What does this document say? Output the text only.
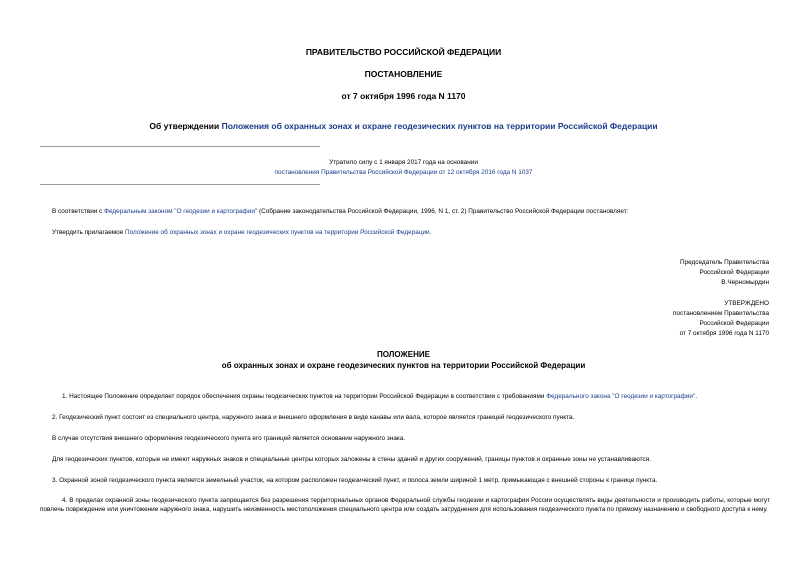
ПРАВИТЕЛЬСТВО РОССИЙСКОЙ ФЕДЕРАЦИИ
ПОСТАНОВЛЕНИЕ
от 7 октября 1996 года N 1170
Об утверждении Положения об охранных зонах и охране геодезических пунктов на территории Российской Федерации
Утратило силу с 1 января 2017 года на основании
постановления Правительства Российской Федерации от 12 октября 2016 года N 1037
В соответствии с Федеральным законом "О геодезии и картографии" (Собрание законодательства Российской Федерации, 1996, N 1, ст. 2) Правительство Российской Федерации постановляет:
Утвердить прилагаемое Положение об охранных зонах и охране геодезических пунктов на территории Российской Федерации.
Председатель Правительства
Российской Федерации
В.Черномырдин
УТВЕРЖДЕНО
постановлением Правительства
Российской Федерации
от 7 октября 1996 года N 1170
ПОЛОЖЕНИЕ
об охранных зонах и охране геодезических пунктов на территории Российской Федерации
1. Настоящее Положение определяет порядок обеспечения охраны геодезических пунктов на территории Российской Федерации в соответствии с требованиями Федерального закона "О геодезии и картографии".
2. Геодезический пункт состоит из специального центра, наружного знака и внешнего оформления в виде канавы или вала, которое является границей геодезического пункта.
В случае отсутствия внешнего оформления геодезического пункта его границей является основание наружного знака.
Для геодезических пунктов, которые не имеют наружных знаков и специальные центры которых заложены в стены зданий и других сооружений, границы пунктов и охранные зоны не устанавливаются.
3. Охранной зоной геодезического пункта является земельный участок, на котором расположен геодезический пункт, и полоса земли шириной 1 метр, примыкающая с внешней стороны к границе пункта.
4. В пределах охранной зоны геодезического пункта запрещается без разрешения территориальных органов Федеральной службы геодезии и картографии России осуществлять виды деятельности и производить работы, которые могут повлечь повреждение или уничтожение наружного знака, нарушить неизменность местоположения специального центра или создать затруднения для использования геодезического пункта по прямому назначению и свободного доступа к нему.
